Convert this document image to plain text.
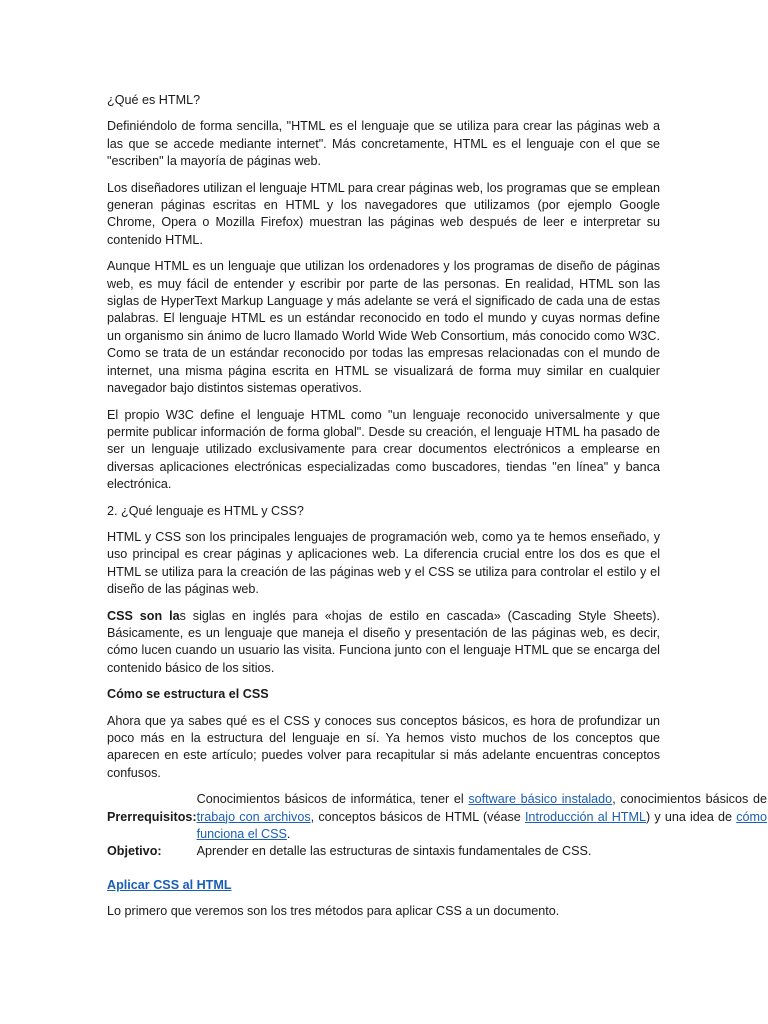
¿Qué es HTML?

Definiéndolo de forma sencilla, "HTML es el lenguaje que se utiliza para crear las páginas web a las que se accede mediante internet". Más concretamente, HTML es el lenguaje con el que se "escriben" la mayoría de páginas web.

Los diseñadores utilizan el lenguaje HTML para crear páginas web, los programas que se emplean generan páginas escritas en HTML y los navegadores que utilizamos (por ejemplo Google Chrome, Opera o Mozilla Firefox) muestran las páginas web después de leer e interpretar su contenido HTML.

Aunque HTML es un lenguaje que utilizan los ordenadores y los programas de diseño de páginas web, es muy fácil de entender y escribir por parte de las personas. En realidad, HTML son las siglas de HyperText Markup Language y más adelante se verá el significado de cada una de estas palabras. El lenguaje HTML es un estándar reconocido en todo el mundo y cuyas normas define un organismo sin ánimo de lucro llamado World Wide Web Consortium, más conocido como W3C. Como se trata de un estándar reconocido por todas las empresas relacionadas con el mundo de internet, una misma página escrita en HTML se visualizará de forma muy similar en cualquier navegador bajo distintos sistemas operativos.

El propio W3C define el lenguaje HTML como "un lenguaje reconocido universalmente y que permite publicar información de forma global". Desde su creación, el lenguaje HTML ha pasado de ser un lenguaje utilizado exclusivamente para crear documentos electrónicos a emplearse en diversas aplicaciones electrónicas especializadas como buscadores, tiendas "en línea" y banca electrónica.

2. ¿Qué lenguaje es HTML y CSS?

HTML y CSS son los principales lenguajes de programación web, como ya te hemos enseñado, y uso principal es crear páginas y aplicaciones web. La diferencia crucial entre los dos es que el HTML se utiliza para la creación de las páginas web y el CSS se utiliza para controlar el estilo y el diseño de las páginas web.

CSS son las siglas en inglés para «hojas de estilo en cascada» (Cascading Style Sheets). Básicamente, es un lenguaje que maneja el diseño y presentación de las páginas web, es decir, cómo lucen cuando un usuario las visita. Funciona junto con el lenguaje HTML que se encarga del contenido básico de los sitios.

Cómo se estructura el CSS

Ahora que ya sabes qué es el CSS y conoces sus conceptos básicos, es hora de profundizar un poco más en la estructura del lenguaje en sí. Ya hemos visto muchos de los conceptos que aparecen en este artículo; puedes volver para recapitular si más adelante encuentras conceptos confusos.

Prerrequisitos:	Conocimientos básicos de informática, tener el software básico instalado, conocimientos básicos de trabajo con archivos, conceptos básicos de HTML (véase Introducción al HTML) y una idea de cómo funciona el CSS.
Objetivo:	Aprender en detalle las estructuras de sintaxis fundamentales de CSS.

Aplicar CSS al HTML

Lo primero que veremos son los tres métodos para aplicar CSS a un documento.
